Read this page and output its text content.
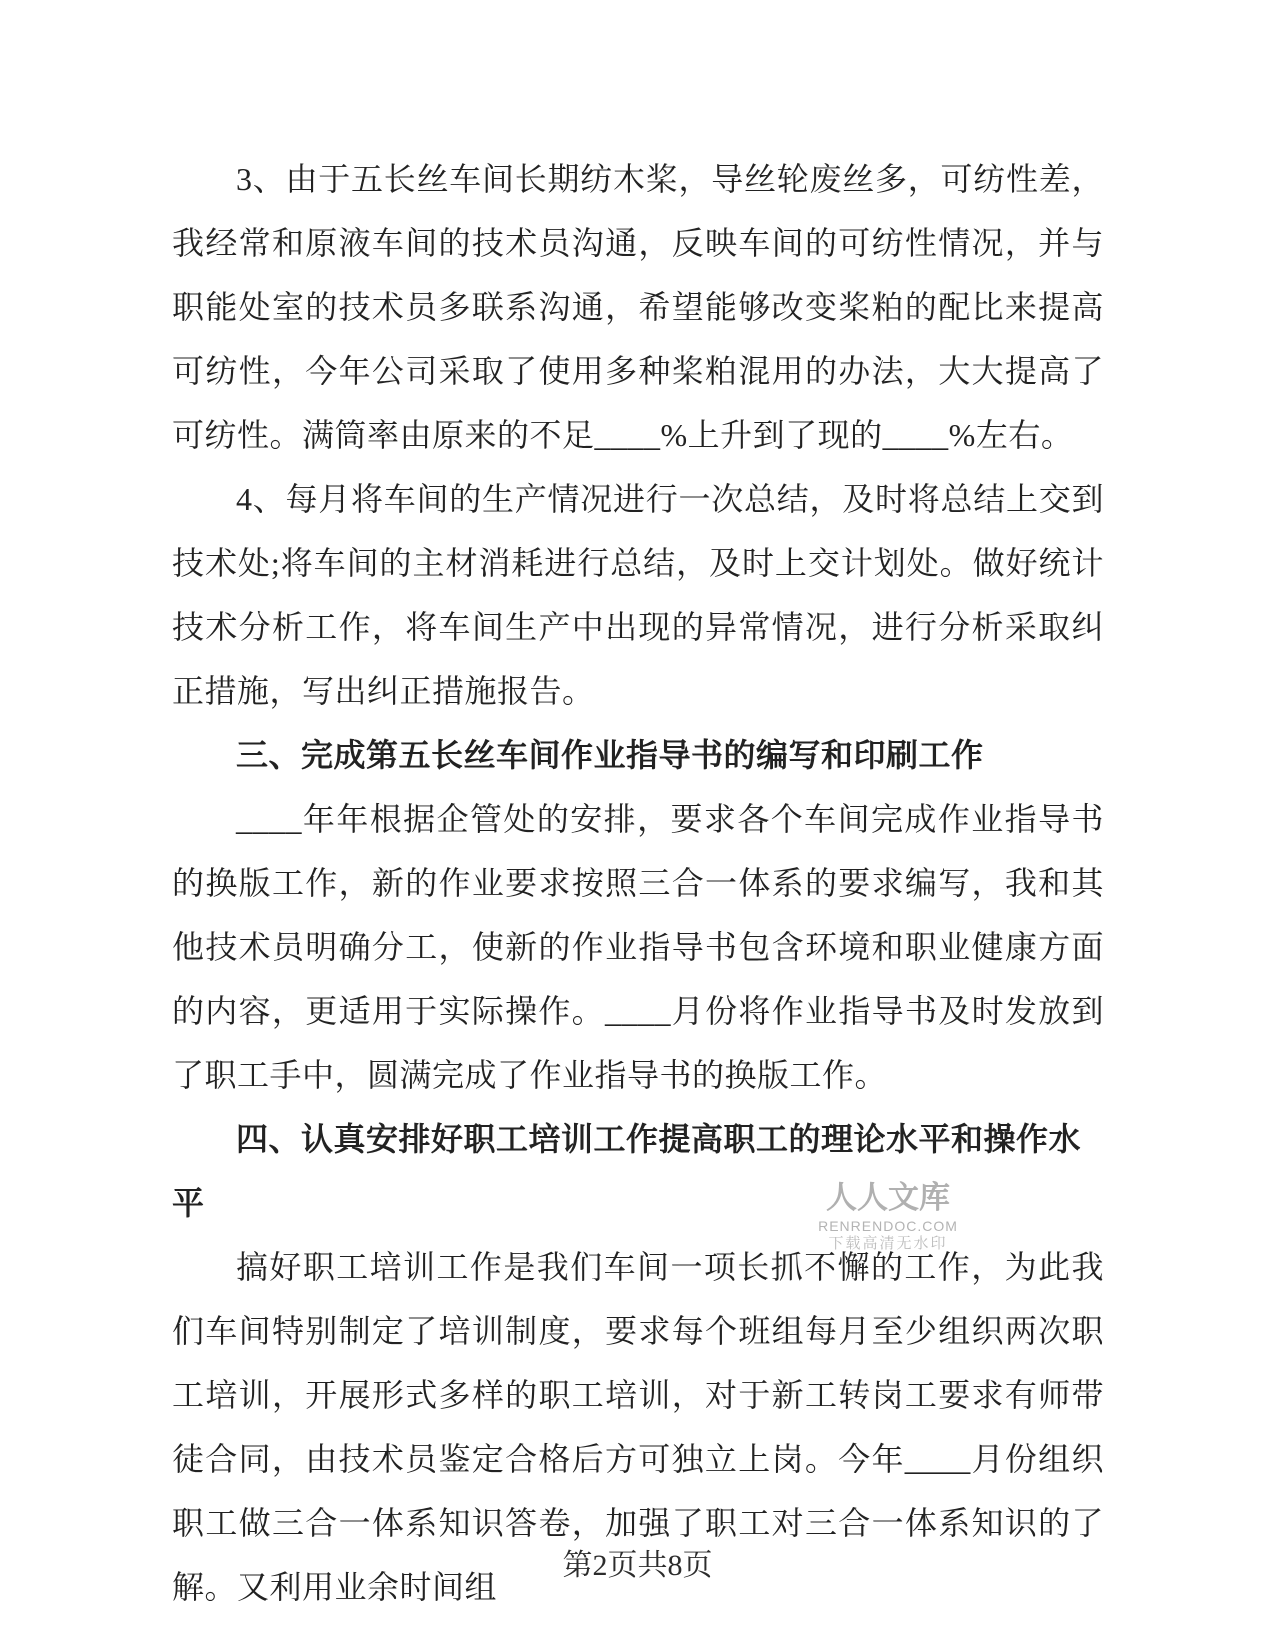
3、由于五长丝车间长期纺木桨，导丝轮废丝多，可纺性差，我经常和原液车间的技术员沟通，反映车间的可纺性情况，并与职能处室的技术员多联系沟通，希望能够改变桨粕的配比来提高可纺性，今年公司采取了使用多种桨粕混用的办法，大大提高了可纺性。满筒率由原来的不足____%上升到了现的____%左右。

4、每月将车间的生产情况进行一次总结，及时将总结上交到技术处;将车间的主材消耗进行总结，及时上交计划处。做好统计技术分析工作，将车间生产中出现的异常情况，进行分析采取纠正措施，写出纠正措施报告。

三、完成第五长丝车间作业指导书的编写和印刷工作

____年年根据企管处的安排，要求各个车间完成作业指导书的换版工作，新的作业要求按照三合一体系的要求编写，我和其他技术员明确分工，使新的作业指导书包含环境和职业健康方面的内容，更适用于实际操作。____月份将作业指导书及时发放到了职工手中，圆满完成了作业指导书的换版工作。

四、认真安排好职工培训工作提高职工的理论水平和操作水平

搞好职工培训工作是我们车间一项长抓不懈的工作，为此我们车间特别制定了培训制度，要求每个班组每月至少组织两次职工培训，开展形式多样的职工培训，对于新工转岗工要求有师带徒合同，由技术员鉴定合格后方可独立上岗。今年____月份组织职工做三合一体系知识答卷，加强了职工对三合一体系知识的了解。又利用业余时间组

人人文库
RENRENDOC.COM
下载高清无水印
第2页共8页
